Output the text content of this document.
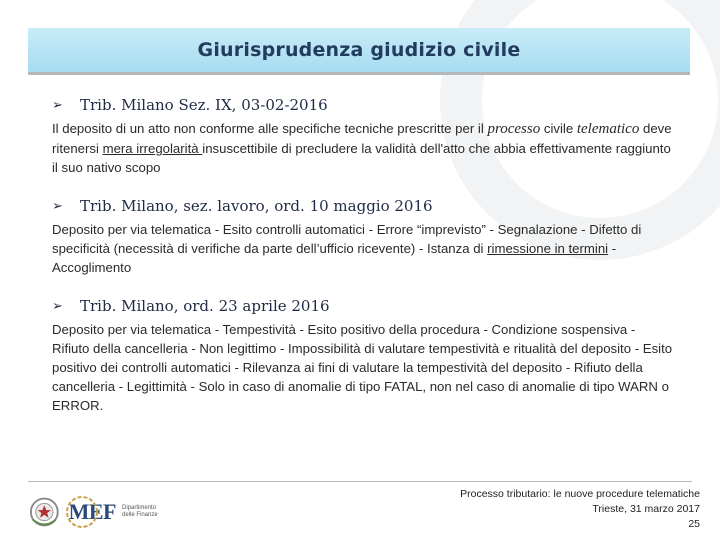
Giurisprudenza giudizio civile
➢	Trib. Milano Sez. IX, 03-02-2016
Il deposito di un atto non conforme alle specifiche tecniche prescritte per il processo civile telematico deve ritenersi mera irregolarità insuscettibile di precludere la validità dell'atto che abbia effettivamente raggiunto il suo nativo scopo
➢	Trib. Milano, sez. lavoro, ord. 10 maggio 2016
Deposito per via telematica - Esito controlli automatici - Errore “imprevisto” - Segnalazione - Difetto di specificità (necessità di verifiche da parte dell’ufficio ricevente) - Istanza di rimessione in termini - Accoglimento
➢	Trib. Milano, ord. 23 aprile 2016
Deposito per via telematica - Tempestività - Esito positivo della procedura - Condizione sospensiva - Rifiuto della cancelleria - Non legittimo - Impossibilità di valutare tempestività e ritualità del deposito - Esito positivo dei controlli automatici - Rilevanza ai fini di valutare la tempestività del deposito - Rifiuto della cancelleria - Legittimità - Solo in caso di anomalie di tipo FATAL, non nel caso di anomalie di tipo WARN o ERROR.
MEF Dipartimento
delle Finanze
Processo tributario: le nuove procedure telematiche
Trieste, 31 marzo 2017
25
